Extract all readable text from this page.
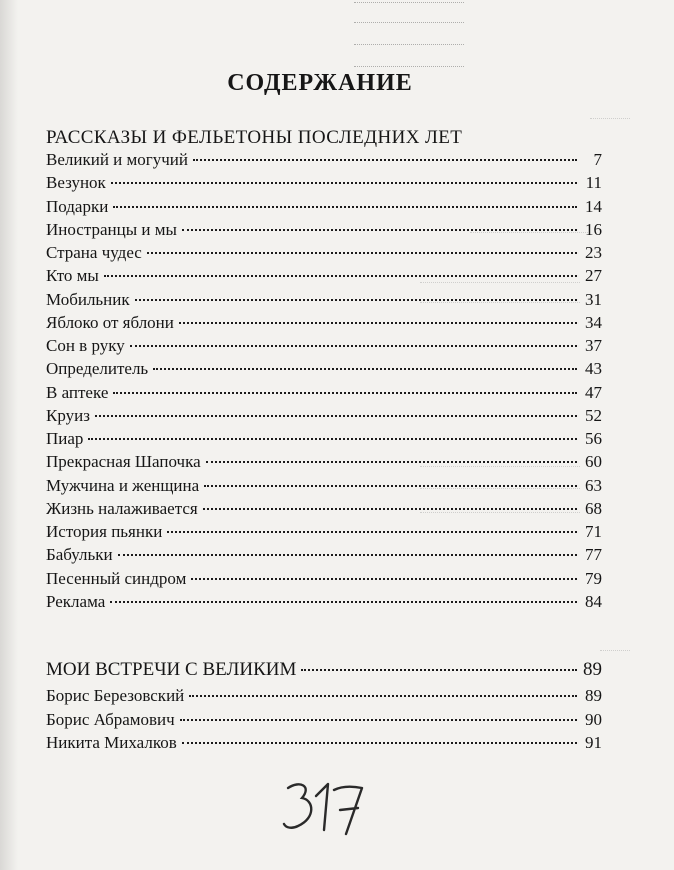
СОДЕРЖАНИЕ
РАССКАЗЫ И ФЕЛЬЕТОНЫ ПОСЛЕДНИХ ЛЕТ
Великий и могучий	7
Везунок	11
Подарки	14
Иностранцы и мы	16
Страна чудес	23
Кто мы	27
Мобильник	31
Яблоко от яблони	34
Сон в руку	37
Определитель	43
В аптеке	47
Круиз	52
Пиар	56
Прекрасная Шапочка	60
Мужчина и женщина	63
Жизнь налаживается	68
История пьянки	71
Бабульки	77
Песенный синдром	79
Реклама	84
МОИ ВСТРЕЧИ С ВЕЛИКИМ	89
Борис Березовский	89
Борис Абрамович	90
Никита Михалков	91
